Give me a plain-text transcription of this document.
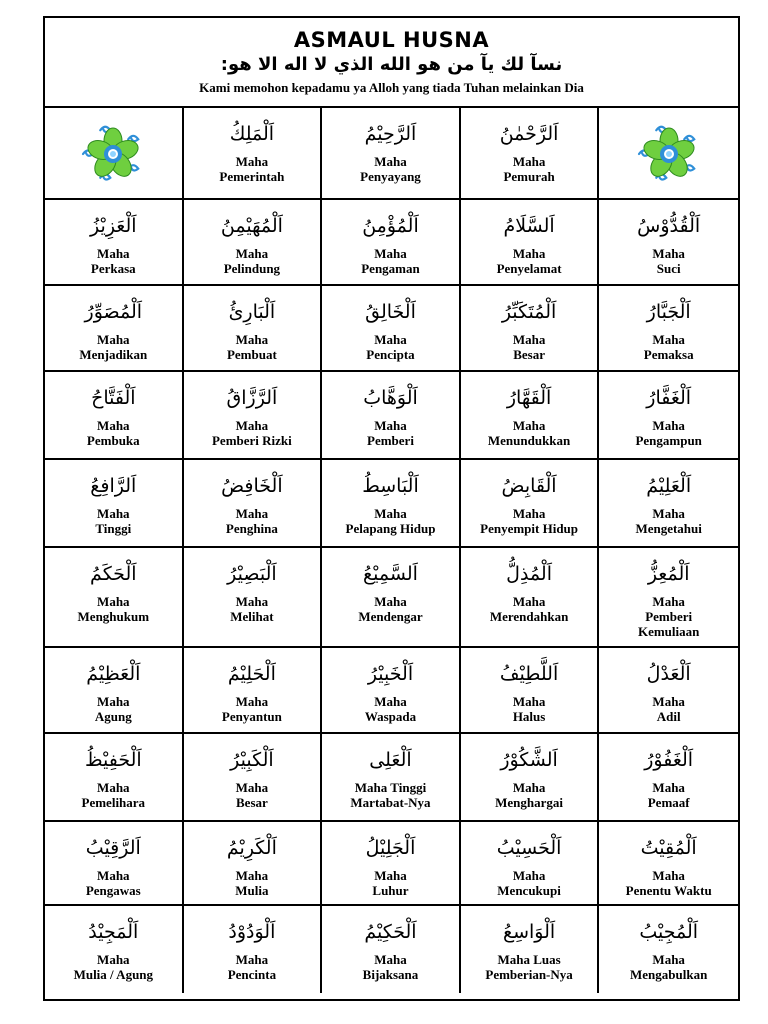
ASMAUL HUSNA
نسآ لك يآ من هو الله الذي لا اله الا هو:
Kami memohon kepadamu ya Alloh yang tiada Tuhan melainkan Dia
اَلْمَلِكُ
Maha
Pemerintah
اَلرَّحِيْمُ
Maha
Penyayang
اَلرَّحْمٰنُ
Maha
Pemurah
اَلْعَزِيْزُ
Maha
Perkasa
اَلْمُهَيْمِنُ
Maha
Pelindung
اَلْمُؤْمِنُ
Maha
Pengaman
اَلسَّلَامُ
Maha
Penyelamat
اَلْقُدُّوْسُ
Maha
Suci
اَلْمُصَوِّرُ
Maha
Menjadikan
اَلْبَارِئُ
Maha
Pembuat
اَلْخَالِقُ
Maha
Pencipta
اَلْمُتَكَبِّرُ
Maha
Besar
اَلْجَبَّارُ
Maha
Pemaksa
اَلْفَتَّاحُ
Maha
Pembuka
اَلرَّزَّاقُ
Maha
Pemberi Rizki
اَلْوَهَّابُ
Maha
Pemberi
اَلْقَهَّارُ
Maha
Menundukkan
اَلْغَفَّارُ
Maha
Pengampun
اَلرَّافِعُ
Maha
Tinggi
اَلْخَافِضُ
Maha
Penghina
اَلْبَاسِطُ
Maha
Pelapang Hidup
اَلْقَابِضُ
Maha
Penyempit Hidup
اَلْعَلِيْمُ
Maha
Mengetahui
اَلْحَكَمُ
Maha
Menghukum
اَلْبَصِيْرُ
Maha
Melihat
اَلسَّمِيْعُ
Maha
Mendengar
اَلْمُذِلُّ
Maha
Merendahkan
اَلْمُعِزُّ
Maha
Pemberi
Kemuliaan
اَلْعَظِيْمُ
Maha
Agung
اَلْحَلِيْمُ
Maha
Penyantun
اَلْخَبِيْرُ
Maha
Waspada
اَللَّطِيْفُ
Maha
Halus
اَلْعَدْلُ
Maha
Adil
اَلْحَفِيْظُ
Maha
Pemelihara
اَلْكَبِيْرُ
Maha
Besar
اَلْعَلِى
Maha Tinggi
Martabat-Nya
اَلشَّكُوْرُ
Maha
Menghargai
اَلْغَفُوْرُ
Maha
Pemaaf
اَلرَّقِيْبُ
Maha
Pengawas
اَلْكَرِيْمُ
Maha
Mulia
اَلْجَلِيْلُ
Maha
Luhur
اَلْحَسِيْبُ
Maha
Mencukupi
اَلْمُقِيْتُ
Maha
Penentu Waktu
اَلْمَجِيْدُ
Maha
Mulia / Agung
اَلْوَدُوْدُ
Maha
Pencinta
اَلْحَكِيْمُ
Maha
Bijaksana
اَلْوَاسِعُ
Maha Luas
Pemberian-Nya
اَلْمُجِيْبُ
Maha
Mengabulkan
